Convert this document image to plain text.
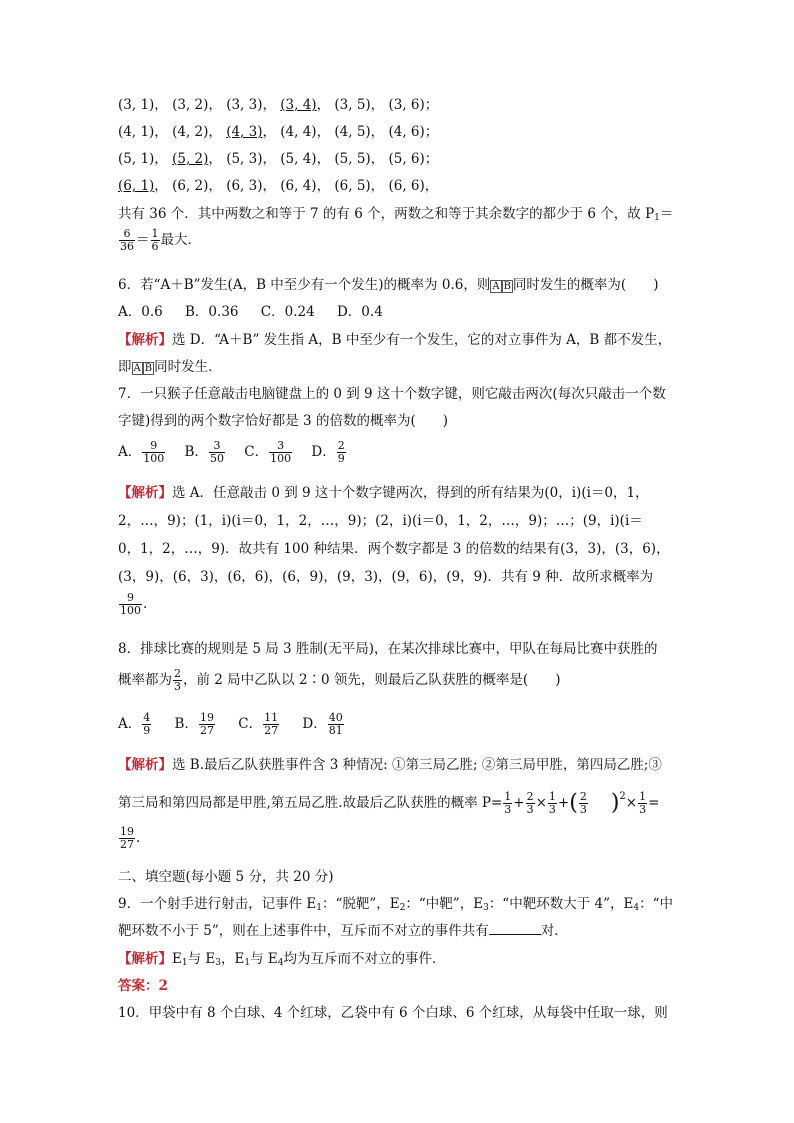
(3, 1)， (3, 2)， (3, 3)， (3, 4)， (3, 5)， (3, 6)；
(4, 1)， (4, 2)， (4, 3)， (4, 4)， (4, 5)， (4, 6)；
(5, 1)， (5, 2)， (5, 3)， (5, 4)， (5, 5)， (5, 6)；
(6, 1)， (6, 2)， (6, 3)， (6, 4)， (6, 5)， (6, 6)，
共有 36 个．其中两数之和等于 7 的有 6 个，两数之和等于其余数字的都少于 6 个，故 $P_1=$
$\frac{6}{36} = \frac{1}{6}$ 最大．
6．若“A＋B”发生(A，B 中至少有一个发生)的概率为 0.6，则 A B 同时发生的概率为(　　)
A．0.6 B．0.36 C．0.24 D．0.4
【解析】选 D．“A＋B” 发生指 A，B 中至少有一个发生，它的对立事件为 A，B 都不发生，
即 A B 同时发生．
7．一只猴子任意敲击电脑键盘上的 0 到 9 这十个数字键，则它敲击两次(每次只敲击一个数
字键)得到的两个数字恰好都是 3 的倍数的概率为(　　)
A． $\frac{9}{100}$ B． $\frac{3}{50}$ C． $\frac{3}{100}$ D． $\frac{2}{9}$
【解析】选 A．任意敲击 0 到 9 这十个数字键两次，得到的所有结果为(0，i)(i＝0，1，
2，…，9)；(1，i)(i＝0，1，2，…，9)；(2，i)(i＝0，1，2，…，9)；…；(9，i)(i＝
0，1，2，…，9)．故共有 100 种结果．两个数字都是 3 的倍数的结果有(3，3)，(3，6)，
(3，9)，(6，3)，(6，6)，(6，9)，(9，3)，(9，6)，(9，9)．共有 9 种．故所求概率为
$\frac{9}{100}$ .
8．排球比赛的规则是 5 局 3 胜制(无平局)，在某次排球比赛中，甲队在每局比赛中获胜的
概率都为 $\frac{2}{3}$ ，前 2 局中乙队以 2∶0 领先，则最后乙队获胜的概率是(　　)
A． $\frac{4}{9}$ B． $\frac{19}{27}$ C． $\frac{11}{27}$ D． $\frac{40}{81}$
【解析】选 B.最后乙队获胜事件含 3 种情况: ①第三局乙胜; ②第三局甲胜，第四局乙胜;③
第三局和第四局都是甲胜,第五局乙胜.故最后乙队获胜的概率 $P= \frac{1}{3} + \frac{2}{3} \times \frac{1}{3}$ +( $\frac{2}{3} )^2\times \frac{1}{3}$ =
$\frac{19}{27}$ .
二、填空题(每小题 5 分，共 20 分)
9．一个射手进行射击，记事件 $E_1$：“脱靶”，$E_2$：“中靶”，$E_3$：“中靶环数大于 4”，$E_4$：“中
靶环数不小于 5”，则在上述事件中，互斥而不对立的事件共有	对．
【解析】$E_1$与 $E_3$，$E_1$与 $E_4$均为互斥而不对立的事件．
答案：2
10．甲袋中有 8 个白球、4 个红球，乙袋中有 6 个白球、6 个红球，从每袋中任取一球，则
